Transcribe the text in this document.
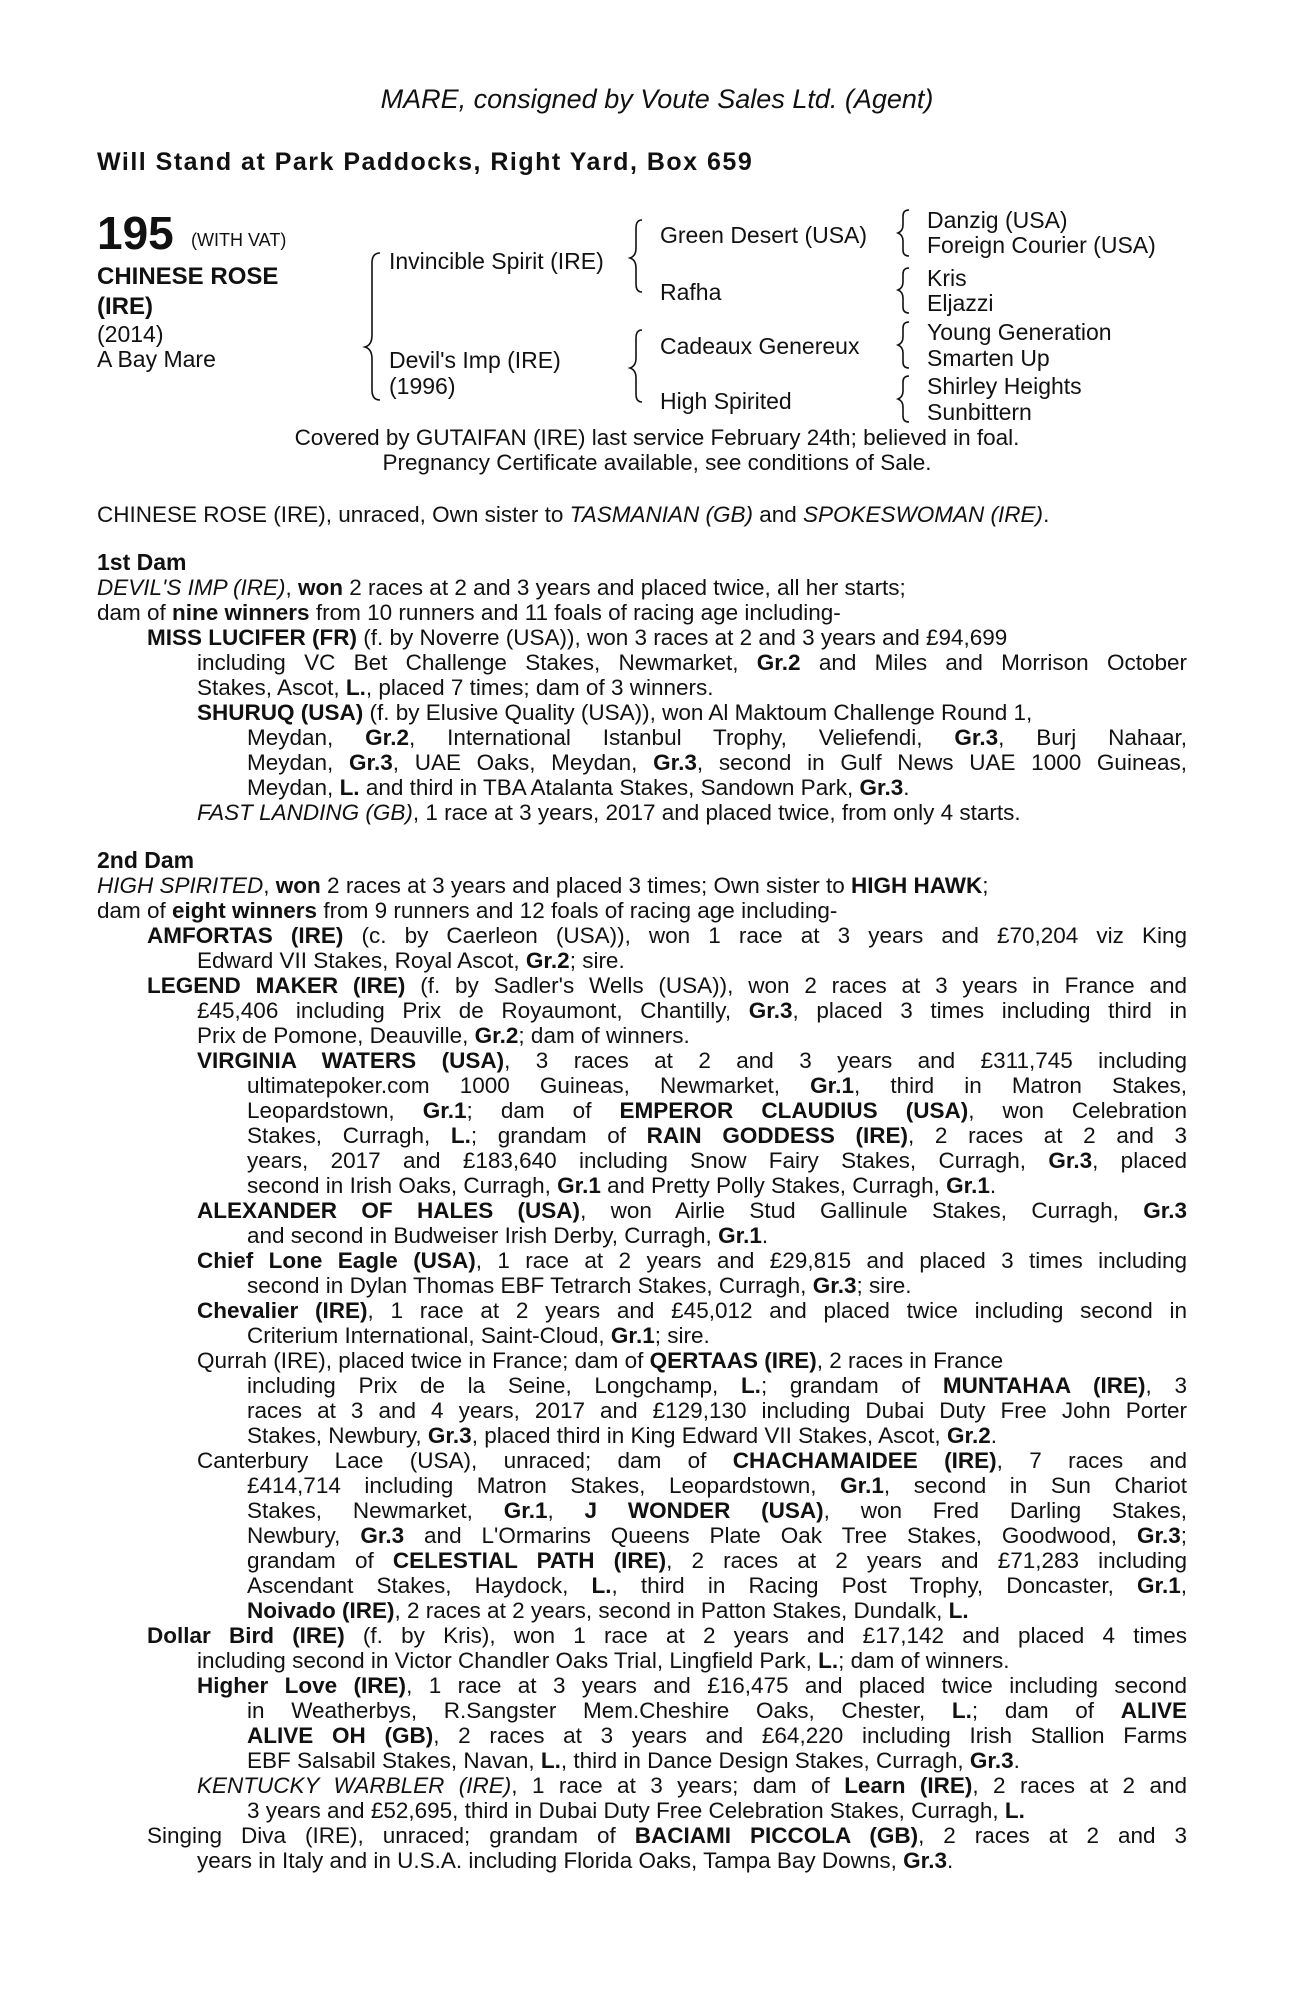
MARE, consigned by Voute Sales Ltd. (Agent)
Will Stand at Park Paddocks, Right Yard, Box 659
195 (WITH VAT)
CHINESE ROSE
(IRE)
(2014)
A Bay Mare
Invincible Spirit (IRE)
Devil's Imp (IRE)
(1996)
Green Desert (USA)
Rafha
Cadeaux Genereux
High Spirited
Danzig (USA)
Foreign Courier (USA)
Kris
Eljazzi
Young Generation
Smarten Up
Shirley Heights
Sunbittern
Covered by GUTAIFAN (IRE) last service February 24th; believed in foal.
Pregnancy Certificate available, see conditions of Sale.
CHINESE ROSE (IRE), unraced, Own sister to TASMANIAN (GB) and SPOKESWOMAN (IRE).
1st Dam
DEVIL'S IMP (IRE), won 2 races at 2 and 3 years and placed twice, all her starts;
dam of nine winners from 10 runners and 11 foals of racing age including-
MISS LUCIFER (FR) (f. by Noverre (USA)), won 3 races at 2 and 3 years and £94,699
including VC Bet Challenge Stakes, Newmarket, Gr.2 and Miles and Morrison October
Stakes, Ascot, L., placed 7 times; dam of 3 winners.
SHURUQ (USA) (f. by Elusive Quality (USA)), won Al Maktoum Challenge Round 1,
Meydan, Gr.2, International Istanbul Trophy, Veliefendi, Gr.3, Burj Nahaar,
Meydan, Gr.3, UAE Oaks, Meydan, Gr.3, second in Gulf News UAE 1000 Guineas,
Meydan, L. and third in TBA Atalanta Stakes, Sandown Park, Gr.3.
FAST LANDING (GB), 1 race at 3 years, 2017 and placed twice, from only 4 starts.
2nd Dam
HIGH SPIRITED, won 2 races at 3 years and placed 3 times; Own sister to HIGH HAWK;
dam of eight winners from 9 runners and 12 foals of racing age including-
AMFORTAS (IRE) (c. by Caerleon (USA)), won 1 race at 3 years and £70,204 viz King
Edward VII Stakes, Royal Ascot, Gr.2; sire.
LEGEND MAKER (IRE) (f. by Sadler's Wells (USA)), won 2 races at 3 years in France and
£45,406 including Prix de Royaumont, Chantilly, Gr.3, placed 3 times including third in
Prix de Pomone, Deauville, Gr.2; dam of winners.
VIRGINIA WATERS (USA), 3 races at 2 and 3 years and £311,745 including
ultimatepoker.com 1000 Guineas, Newmarket, Gr.1, third in Matron Stakes,
Leopardstown, Gr.1; dam of EMPEROR CLAUDIUS (USA), won Celebration
Stakes, Curragh, L.; grandam of RAIN GODDESS (IRE), 2 races at 2 and 3
years, 2017 and £183,640 including Snow Fairy Stakes, Curragh, Gr.3, placed
second in Irish Oaks, Curragh, Gr.1 and Pretty Polly Stakes, Curragh, Gr.1.
ALEXANDER OF HALES (USA), won Airlie Stud Gallinule Stakes, Curragh, Gr.3
and second in Budweiser Irish Derby, Curragh, Gr.1.
Chief Lone Eagle (USA), 1 race at 2 years and £29,815 and placed 3 times including
second in Dylan Thomas EBF Tetrarch Stakes, Curragh, Gr.3; sire.
Chevalier (IRE), 1 race at 2 years and £45,012 and placed twice including second in
Criterium International, Saint-Cloud, Gr.1; sire.
Qurrah (IRE), placed twice in France; dam of QERTAAS (IRE), 2 races in France
including Prix de la Seine, Longchamp, L.; grandam of MUNTAHAA (IRE), 3
races at 3 and 4 years, 2017 and £129,130 including Dubai Duty Free John Porter
Stakes, Newbury, Gr.3, placed third in King Edward VII Stakes, Ascot, Gr.2.
Canterbury Lace (USA), unraced; dam of CHACHAMAIDEE (IRE), 7 races and
£414,714 including Matron Stakes, Leopardstown, Gr.1, second in Sun Chariot
Stakes, Newmarket, Gr.1, J WONDER (USA), won Fred Darling Stakes,
Newbury, Gr.3 and L'Ormarins Queens Plate Oak Tree Stakes, Goodwood, Gr.3;
grandam of CELESTIAL PATH (IRE), 2 races at 2 years and £71,283 including
Ascendant Stakes, Haydock, L., third in Racing Post Trophy, Doncaster, Gr.1,
Noivado (IRE), 2 races at 2 years, second in Patton Stakes, Dundalk, L.
Dollar Bird (IRE) (f. by Kris), won 1 race at 2 years and £17,142 and placed 4 times
including second in Victor Chandler Oaks Trial, Lingfield Park, L.; dam of winners.
Higher Love (IRE), 1 race at 3 years and £16,475 and placed twice including second
in Weatherbys, R.Sangster Mem.Cheshire Oaks, Chester, L.; dam of ALIVE
ALIVE OH (GB), 2 races at 3 years and £64,220 including Irish Stallion Farms
EBF Salsabil Stakes, Navan, L., third in Dance Design Stakes, Curragh, Gr.3.
KENTUCKY WARBLER (IRE), 1 race at 3 years; dam of Learn (IRE), 2 races at 2 and
3 years and £52,695, third in Dubai Duty Free Celebration Stakes, Curragh, L.
Singing Diva (IRE), unraced; grandam of BACIAMI PICCOLA (GB), 2 races at 2 and 3
years in Italy and in U.S.A. including Florida Oaks, Tampa Bay Downs, Gr.3.
